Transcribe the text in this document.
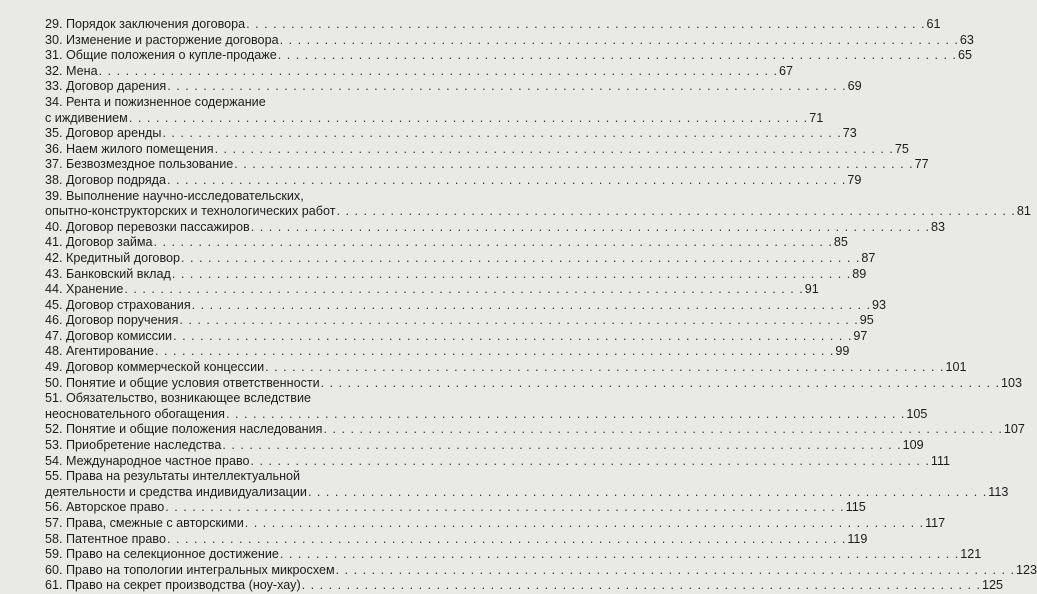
29. Порядок заключения договора . . .	61
30. Изменение и расторжение договора . . .	63
31. Общие положения о купле-продаже . . .	65
32. Мена . . .	67
33. Договор дарения . . .	69
34. Рента и пожизненное содержание
с иждивением . . .	71
35. Договор аренды . . .	73
36. Наем жилого помещения . . .	75
37. Безвозмездное пользование . . .	77
38. Договор подряда . . .	79
39. Выполнение научно-исследовательских,
опытно-конструкторских и технологических работ . . .	81
40. Договор перевозки пассажиров . . .	83
41. Договор займа . . .	85
42. Кредитный договор . . .	87
43. Банковский вклад . . .	89
44. Хранение . . .	91
45. Договор страхования . . .	93
46. Договор поручения . . .	95
47. Договор комиссии . . .	97
48. Агентирование . . .	99
49. Договор коммерческой концессии . . .	101
50. Понятие и общие условия ответственности . . .	103
51. Обязательство, возникающее вследствие
неосновательного обогащения . . .	105
52. Понятие и общие положения наследования . . .	107
53. Приобретение наследства . . .	109
54. Международное частное право . . .	111
55. Права на результаты интеллектуальной
деятельности и средства индивидуализации . . .	113
56. Авторское право . . .	115
57. Права, смежные с авторскими . . .	117
58. Патентное право . . .	119
59. Право на селекционное достижение . . .	121
60. Право на топологии интегральных микросхем . . .	123
61. Право на секрет производства (ноу-хау) . . .	125
